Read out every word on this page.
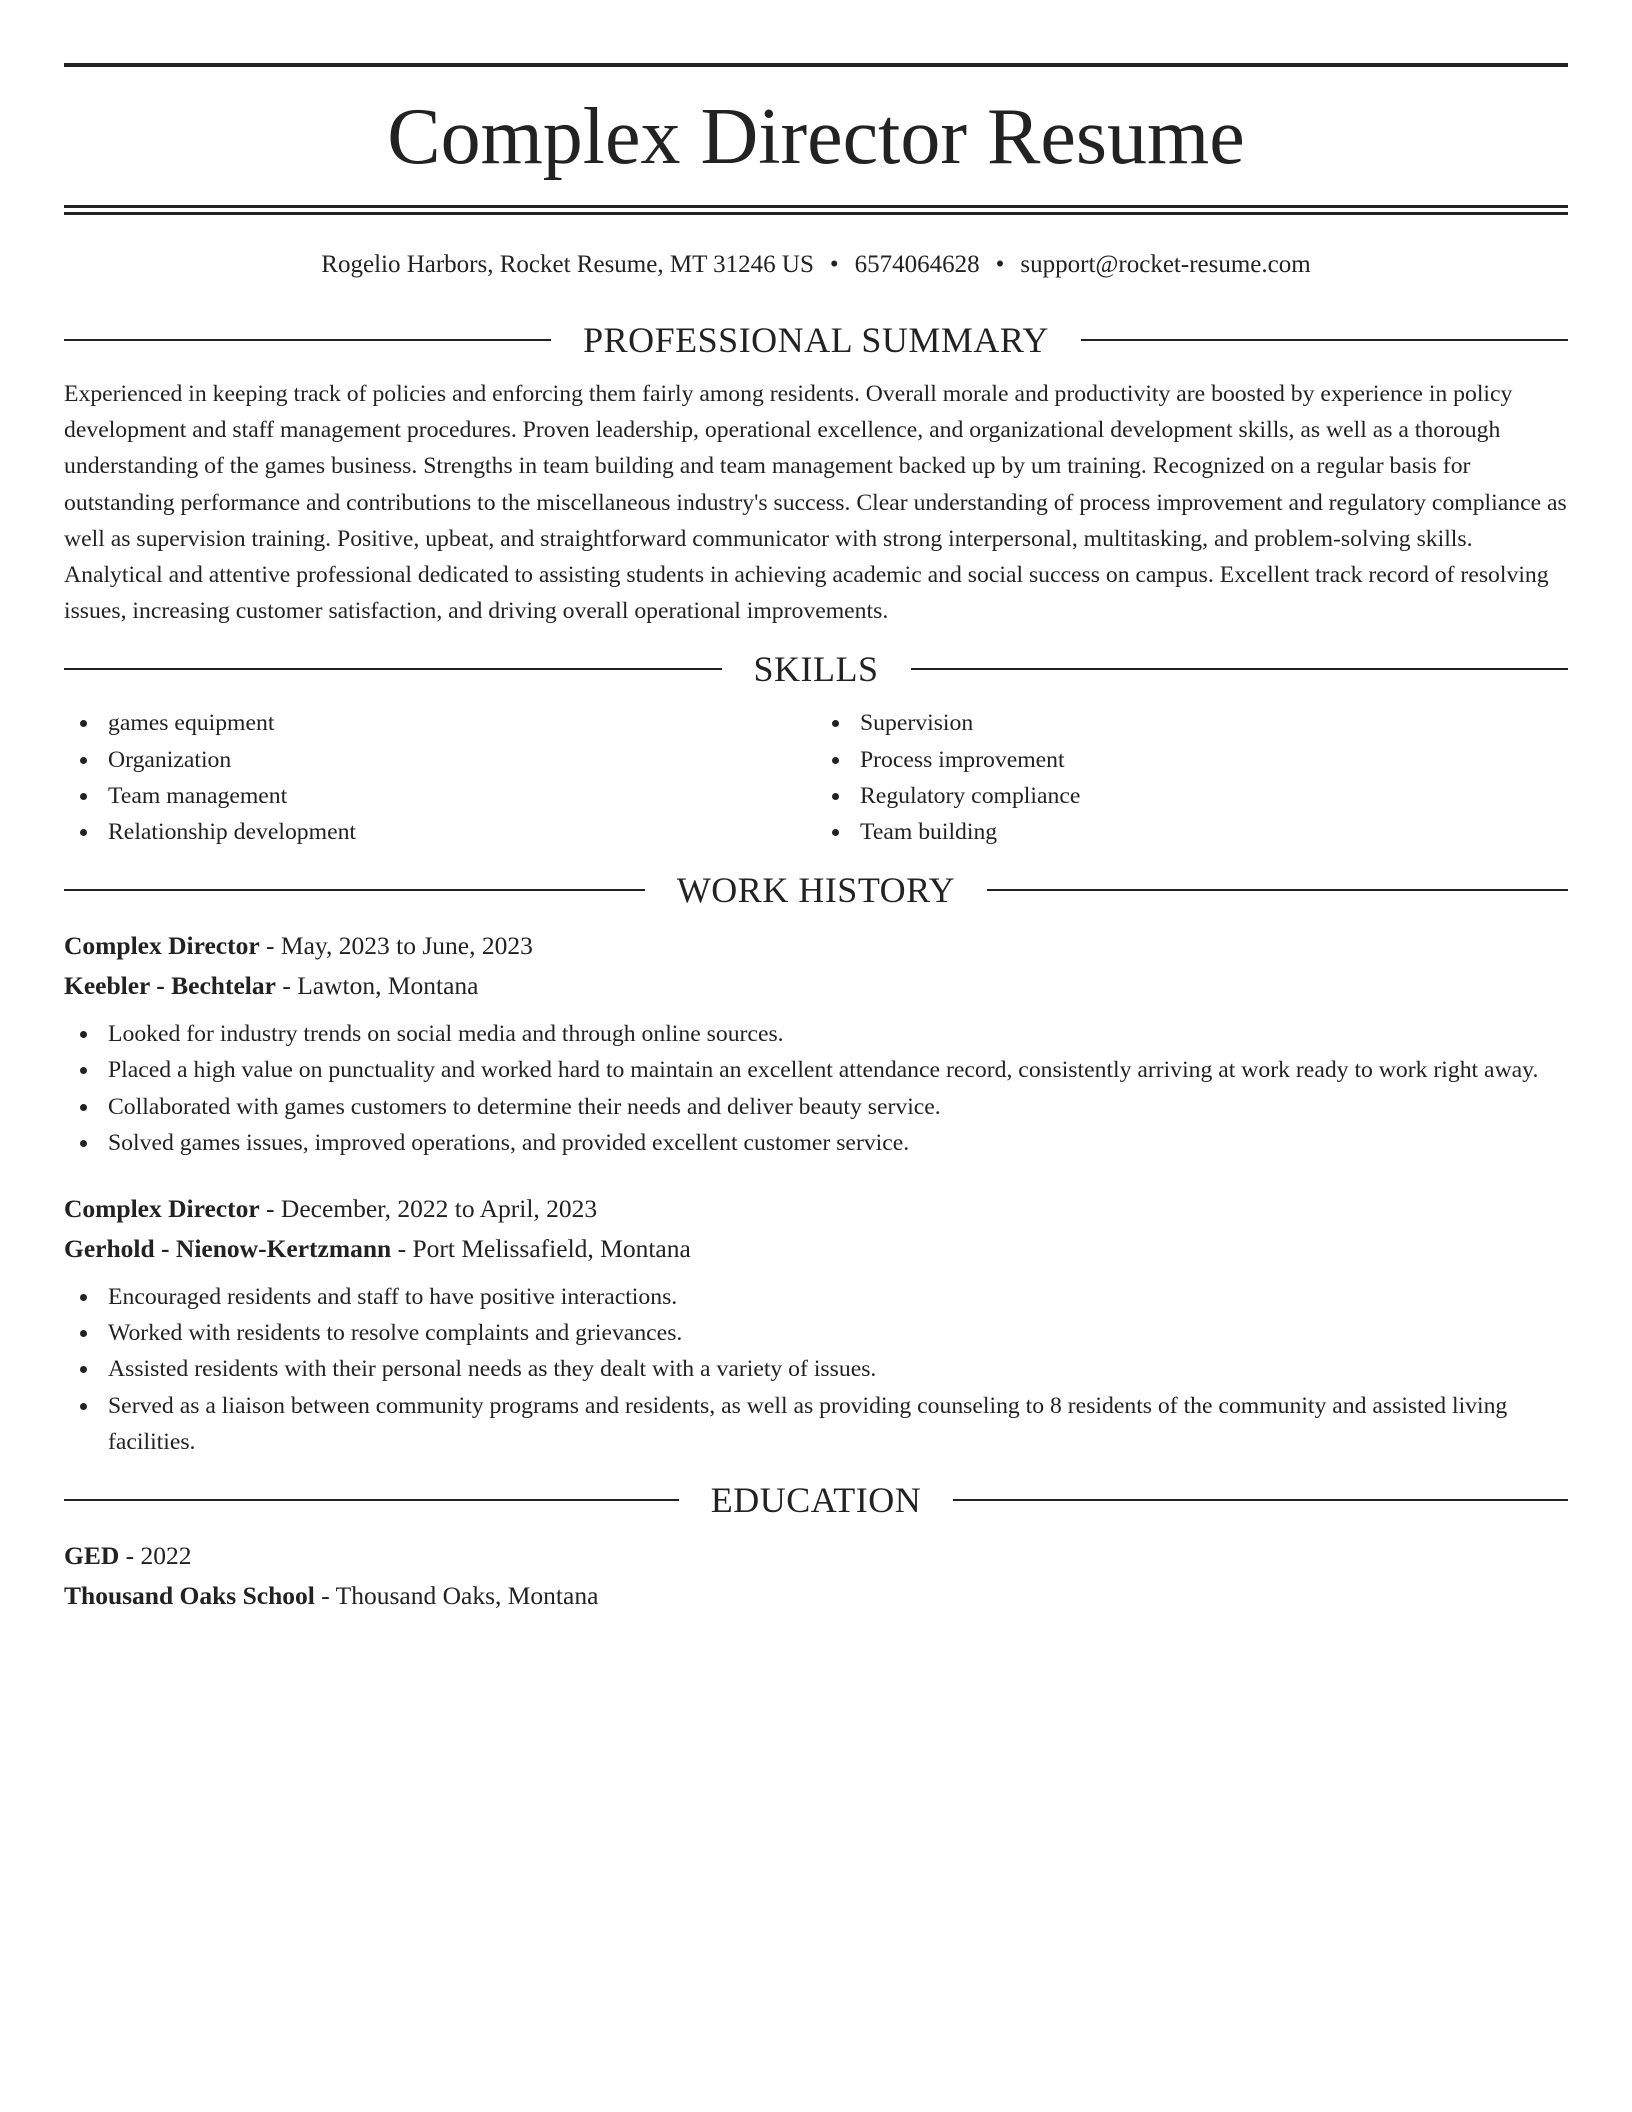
Complex Director Resume
Rogelio Harbors, Rocket Resume, MT 31246 US • 6574064628 • support@rocket-resume.com
PROFESSIONAL SUMMARY

Experienced in keeping track of policies and enforcing them fairly among residents. Overall morale and productivity are boosted by experience in policy development and staff management procedures. Proven leadership, operational excellence, and organizational development skills, as well as a thorough understanding of the games business. Strengths in team building and team management backed up by um training. Recognized on a regular basis for outstanding performance and contributions to the miscellaneous industry's success. Clear understanding of process improvement and regulatory compliance as well as supervision training. Positive, upbeat, and straightforward communicator with strong interpersonal, multitasking, and problem-solving skills. Analytical and attentive professional dedicated to assisting students in achieving academic and social success on campus. Excellent track record of resolving issues, increasing customer satisfaction, and driving overall operational improvements.

SKILLS
games equipment
Organization
Team management
Relationship development
Supervision
Process improvement
Regulatory compliance
Team building
WORK HISTORY
Complex Director - May, 2023 to June, 2023
Keebler - Bechtelar - Lawton, Montana
Looked for industry trends on social media and through online sources.
Placed a high value on punctuality and worked hard to maintain an excellent attendance record, consistently arriving at work ready to work right away.
Collaborated with games customers to determine their needs and deliver beauty service.
Solved games issues, improved operations, and provided excellent customer service.
Complex Director - December, 2022 to April, 2023
Gerhold - Nienow-Kertzmann - Port Melissafield, Montana
Encouraged residents and staff to have positive interactions.
Worked with residents to resolve complaints and grievances.
Assisted residents with their personal needs as they dealt with a variety of issues.
Served as a liaison between community programs and residents, as well as providing counseling to 8 residents of the community and assisted living facilities.
EDUCATION
GED - 2022
Thousand Oaks School - Thousand Oaks, Montana
